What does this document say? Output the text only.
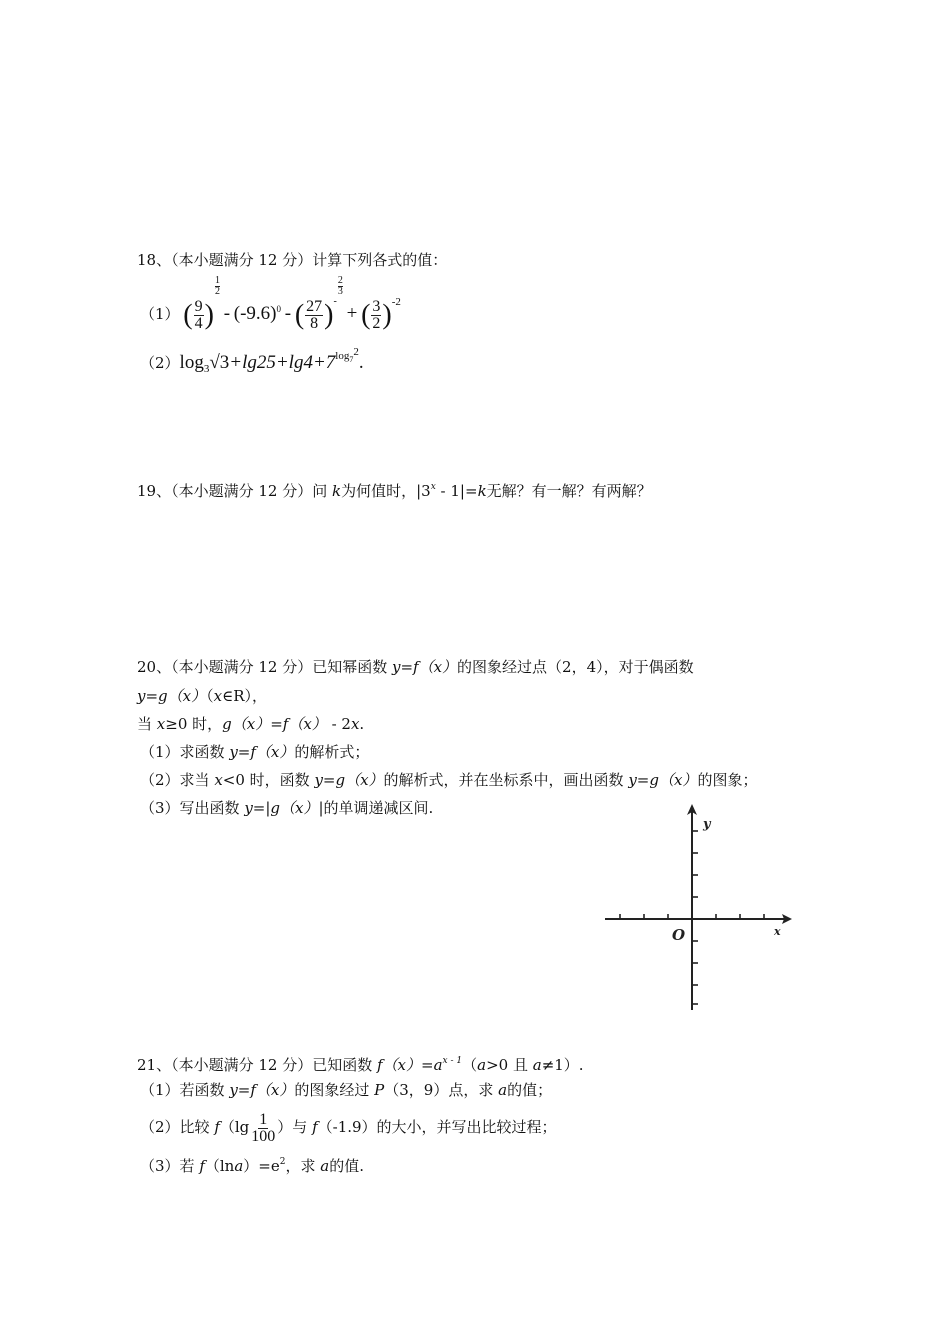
18、（本小题满分 12 分）计算下列各式的值：
（1） ( $\frac{9}{4}$ )
$\frac{1}{2}$
- $(-9.6)^0$ - ( $\frac{27}{8} )^-$
$\frac{2}{3}$
+ ( $\frac{3}{2} )^{-2}$
$(2)\log_3√3+\lg 25+\lg 4+7^{log_72}$.
19、（本小题满分 12 分）问 k为何值时，|3$^x$ - 1|=k无解？有一解？有两解？
20、（本小题满分 12 分）已知幂函数 y=f（x）的图象经过点（2，4），对于偶函数
y=g（x）（x∈R），
当 x≥0 时，g（x）=f（x） - 2x.
（1）求函数 y=f（x）的解析式；
（2）求当 x<0 时，函数 y=g（x）的解析式，并在坐标系中，画出函数 y=g（x）的图象；
（3）写出函数 y=|g（x）|的单调递减区间.
y
x
O
21、（本小题满分 12 分）已知函数 $f(x)=a^{x - 1}(a>0$ 且 a≠1）.
（1）若函数 y=f（x）的图象经过 P（3，9）点，求 a的值；
（2）比较 $f(\lg \frac{1}{100}$ ）与 f（-1.9）的大小，并写出比较过程；
（3）若 $f(\ln a)=e^2$，求 a的值.
